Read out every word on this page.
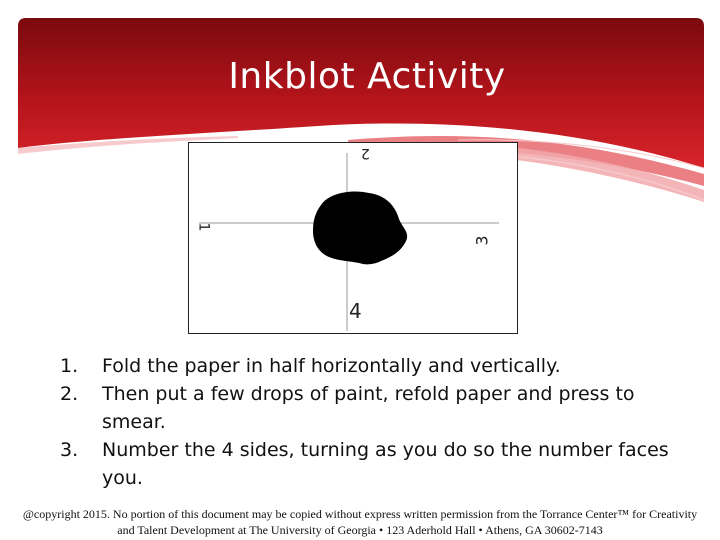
Inkblot Activity
1
2
3
4
1. Fold the paper in half horizontally and vertically.
2. Then put a few drops of paint, refold paper and press to smear.
3. Number the 4 sides, turning as you do so the number faces you.
@copyright 2015. No portion of this document may be copied without express written permission from the Torrance Center™ for Creativity and Talent Development at The University of Georgia • 123 Aderhold Hall • Athens, GA 30602-7143
